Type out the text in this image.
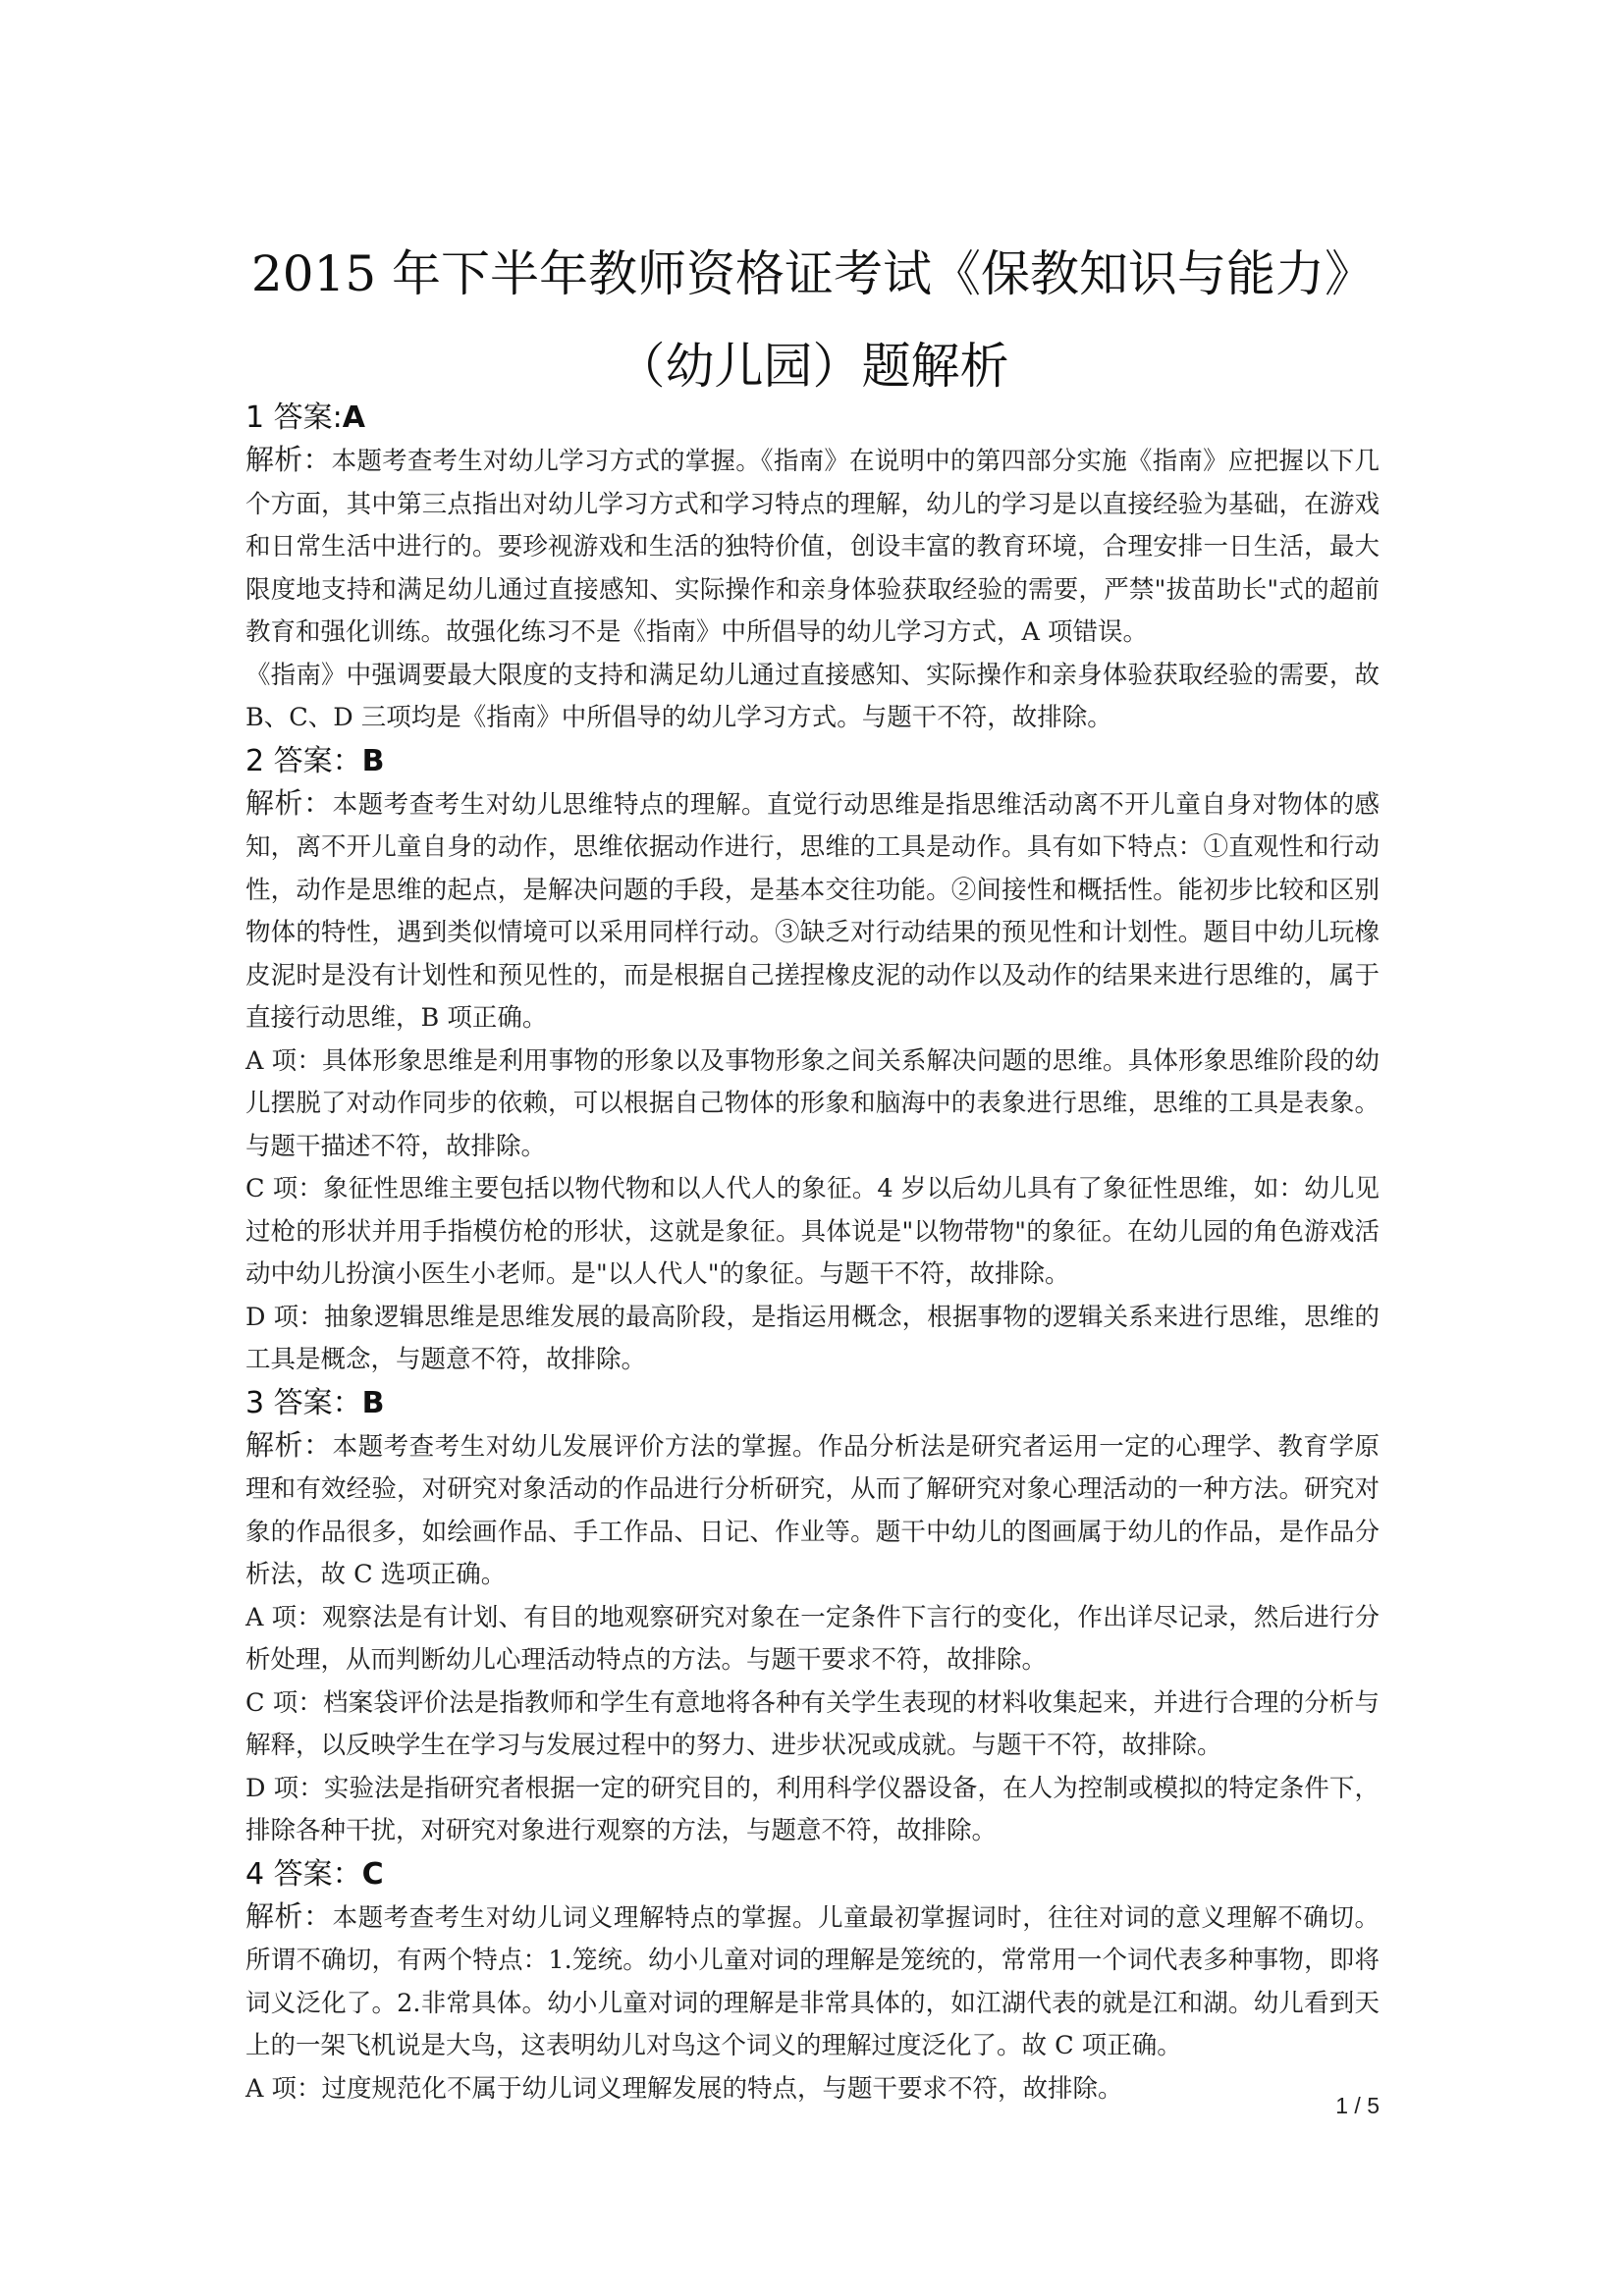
2015 年下半年教师资格证考试《保教知识与能力》（幼儿园）题解析
1 答案:A

解析：本题考查考生对幼儿学习方式的掌握。《指南》在说明中的第四部分实施《指南》应把握以下几个方面，其中第三点指出对幼儿学习方式和学习特点的理解，幼儿的学习是以直接经验为基础，在游戏和日常生活中进行的。要珍视游戏和生活的独特价值，创设丰富的教育环境，合理安排一日生活，最大限度地支持和满足幼儿通过直接感知、实际操作和亲身体验获取经验的需要，严禁"拔苗助长"式的超前教育和强化训练。故强化练习不是《指南》中所倡导的幼儿学习方式，A 项错误。

《指南》中强调要最大限度的支持和满足幼儿通过直接感知、实际操作和亲身体验获取经验的需要，故 B、C、D 三项均是《指南》中所倡导的幼儿学习方式。与题干不符，故排除。

2 答案：B

解析：本题考查考生对幼儿思维特点的理解。直觉行动思维是指思维活动离不开儿童自身对物体的感知，离不开儿童自身的动作，思维依据动作进行，思维的工具是动作。具有如下特点：①直观性和行动性，动作是思维的起点，是解决问题的手段，是基本交往功能。②间接性和概括性。能初步比较和区别物体的特性，遇到类似情境可以采用同样行动。③缺乏对行动结果的预见性和计划性。题目中幼儿玩橡皮泥时是没有计划性和预见性的，而是根据自己搓捏橡皮泥的动作以及动作的结果来进行思维的，属于直接行动思维，B 项正确。

A 项：具体形象思维是利用事物的形象以及事物形象之间关系解决问题的思维。具体形象思维阶段的幼儿摆脱了对动作同步的依赖，可以根据自己物体的形象和脑海中的表象进行思维，思维的工具是表象。与题干描述不符，故排除。

C 项：象征性思维主要包括以物代物和以人代人的象征。4 岁以后幼儿具有了象征性思维，如：幼儿见过枪的形状并用手指模仿枪的形状，这就是象征。具体说是"以物带物"的象征。在幼儿园的角色游戏活动中幼儿扮演小医生小老师。是"以人代人"的象征。与题干不符，故排除。

D 项：抽象逻辑思维是思维发展的最高阶段，是指运用概念，根据事物的逻辑关系来进行思维，思维的工具是概念，与题意不符，故排除。

3 答案：B

解析：本题考查考生对幼儿发展评价方法的掌握。作品分析法是研究者运用一定的心理学、教育学原理和有效经验，对研究对象活动的作品进行分析研究，从而了解研究对象心理活动的一种方法。研究对象的作品很多，如绘画作品、手工作品、日记、作业等。题干中幼儿的图画属于幼儿的作品，是作品分析法，故 C 选项正确。

A 项：观察法是有计划、有目的地观察研究对象在一定条件下言行的变化，作出详尽记录，然后进行分析处理，从而判断幼儿心理活动特点的方法。与题干要求不符，故排除。

C 项：档案袋评价法是指教师和学生有意地将各种有关学生表现的材料收集起来，并进行合理的分析与解释，以反映学生在学习与发展过程中的努力、进步状况或成就。与题干不符，故排除。

D 项：实验法是指研究者根据一定的研究目的，利用科学仪器设备，在人为控制或模拟的特定条件下，排除各种干扰，对研究对象进行观察的方法，与题意不符，故排除。

4 答案：C

解析：本题考查考生对幼儿词义理解特点的掌握。儿童最初掌握词时，往往对词的意义理解不确切。所谓不确切，有两个特点：1.笼统。幼小儿童对词的理解是笼统的，常常用一个词代表多种事物，即将词义泛化了。2.非常具体。幼小儿童对词的理解是非常具体的，如江湖代表的就是江和湖。幼儿看到天上的一架飞机说是大鸟，这表明幼儿对鸟这个词义的理解过度泛化了。故 C 项正确。

A 项：过度规范化不属于幼儿词义理解发展的特点，与题干要求不符，故排除。

1 / 5
